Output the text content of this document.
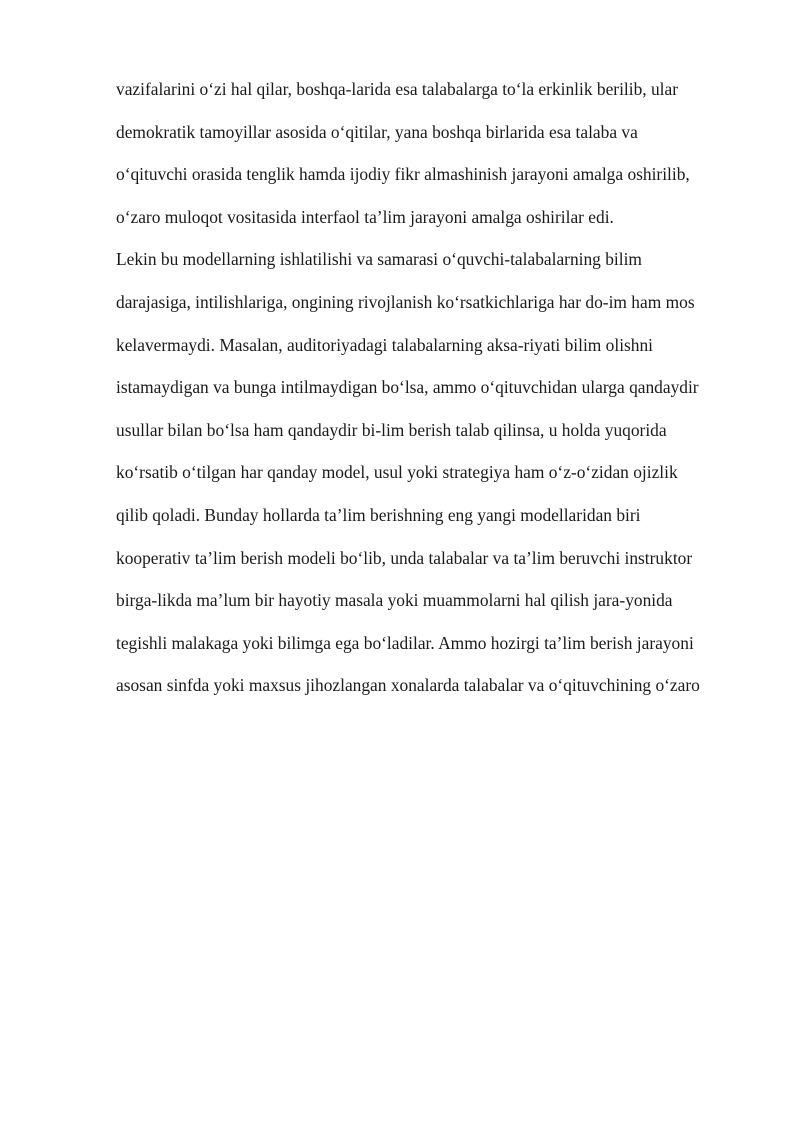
vazifalarini o‘zi hal qilar, boshqa-larida esa talabalarga to‘la erkinlik berilib, ular
demokratik tamoyillar asosida o‘qitilar, yana boshqa birlarida esa talaba va
o‘qituvchi orasida tenglik hamda ijodiy fikr almashinish jarayoni amalga oshirilib,
o‘zaro muloqot vositasida interfaol ta’lim jarayoni amalga oshirilar edi.
Lekin bu modellarning ishlatilishi va samarasi o‘quvchi-talabalarning bilim
darajasiga, intilishlariga, ongining rivojlanish ko‘rsatkichlariga har do-im ham mos
kelavermaydi. Masalan, auditoriyadagi talabalarning aksa-riyati bilim olishni
istamaydigan va bunga intilmaydigan bo‘lsa, ammo o‘qituvchidan ularga qandaydir
usullar bilan bo‘lsa ham qandaydir bi-lim berish talab qilinsa, u holda yuqorida
ko‘rsatib o‘tilgan har qanday model, usul yoki strategiya ham o‘z-o‘zidan ojizlik
qilib qoladi. Bunday hollarda ta’lim berishning eng yangi modellaridan biri
kooperativ ta’lim berish modeli bo‘lib, unda talabalar va ta’lim beruvchi instruktor
birga-likda ma’lum bir hayotiy masala yoki muammolarni hal qilish jara-yonida
tegishli malakaga yoki bilimga ega bo‘ladilar. Ammo hozirgi ta’lim berish jarayoni
asosan sinfda yoki maxsus jihozlangan xonalarda talabalar va o‘qituvchining o‘zaro
